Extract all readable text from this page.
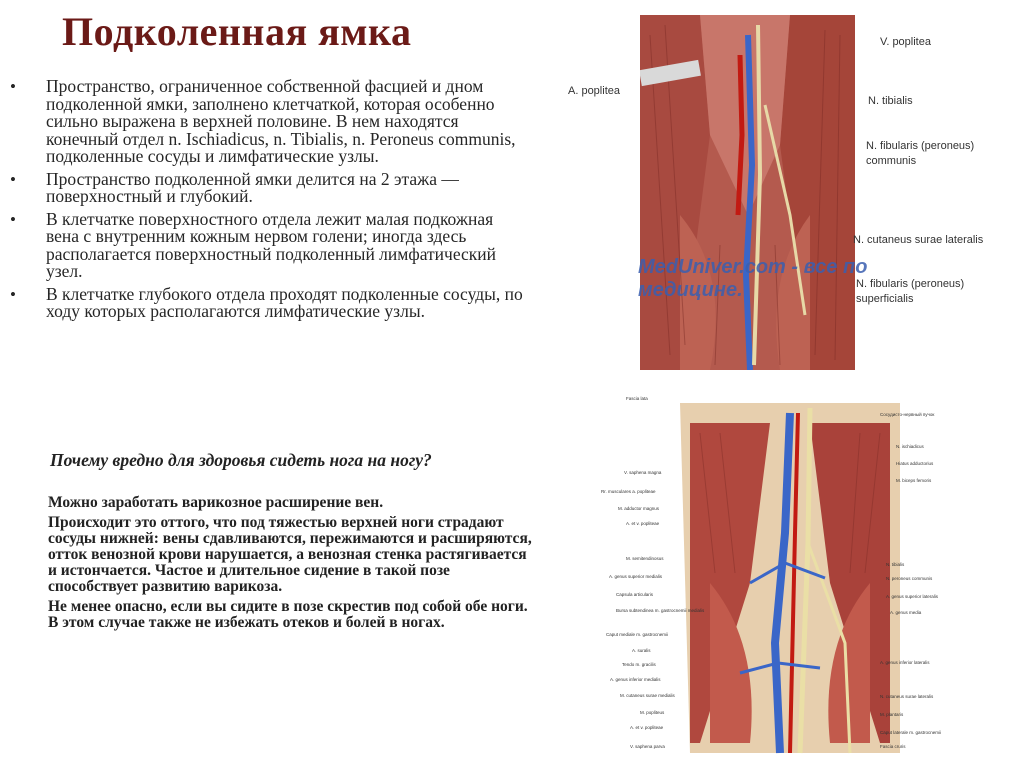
Подколенная ямка
• Пространство, ограниченное собственной фасцией и дном подколенной ямки, заполнено клетчаткой, которая особенно сильно выражена в верхней половине. В нем находятся конечный отдел n. Ischiadicus, n. Tibialis, n. Peroneus communis, подколенные сосуды и лимфатические узлы.
• Пространство подколенной ямки делится на 2 этажа — поверхностный и глубокий.
• В клетчатке поверхностного отдела лежит малая подкожная вена с внутренним кожным нервом голени; иногда здесь располагается поверхностный подколенный лимфатический узел.
• В клетчатке глубокого отдела проходят подколенные сосуды, по ходу которых располагаются лимфатические узлы.
Почему вредно для здоровья сидеть нога на ногу?

Можно заработать варикозное расширение вен.

Происходит это оттого, что под тяжестью верхней ноги страдают сосуды нижней: вены сдавливаются, пережимаются и расширяются, отток венозной крови нарушается, а венозная стенка растягивается и истончается. Частое и длительное сидение в такой позе способствует развитию варикоза.

Не менее опасно, если вы сидите в позе скрестив под собой обе ноги. В этом случае также не избежать отеков и болей в ногах.

V. poplitea
N. tibialis
N. fibularis (peroneus)
communis
N. cutaneus surae lateralis
N. fibularis (peroneus)
superficialis
A. poplitea
MedUniver.com - все по
медицине.
Fascia lata
V. saphena magna
Rr. musculares a. popliteae
M. adductor magnus
A. et v. popliteae
M. semitendinosus
A. genus superior medialis
Capsula articularis
Bursa subtendinea m. gastrocnemii medialis
Caput mediale m. gastrocnemii
A. suralis
Tendo m. gracilis
A. genus inferior medialis
M. cutaneus surae medialis
M. popliteus
A. et v. popliteae
V. saphena parva
Сосудисто-нервный пучок
N. ischiadicus
Hiatus adductorius
M. biceps femoris
N. tibialis
N. peroneus communis
A. genus superior lateralis
A. genus media
A. genus inferior lateralis
N. cutaneus surae lateralis
M. plantaris
Caput laterale m. gastrocnemii
Fascia cruris
